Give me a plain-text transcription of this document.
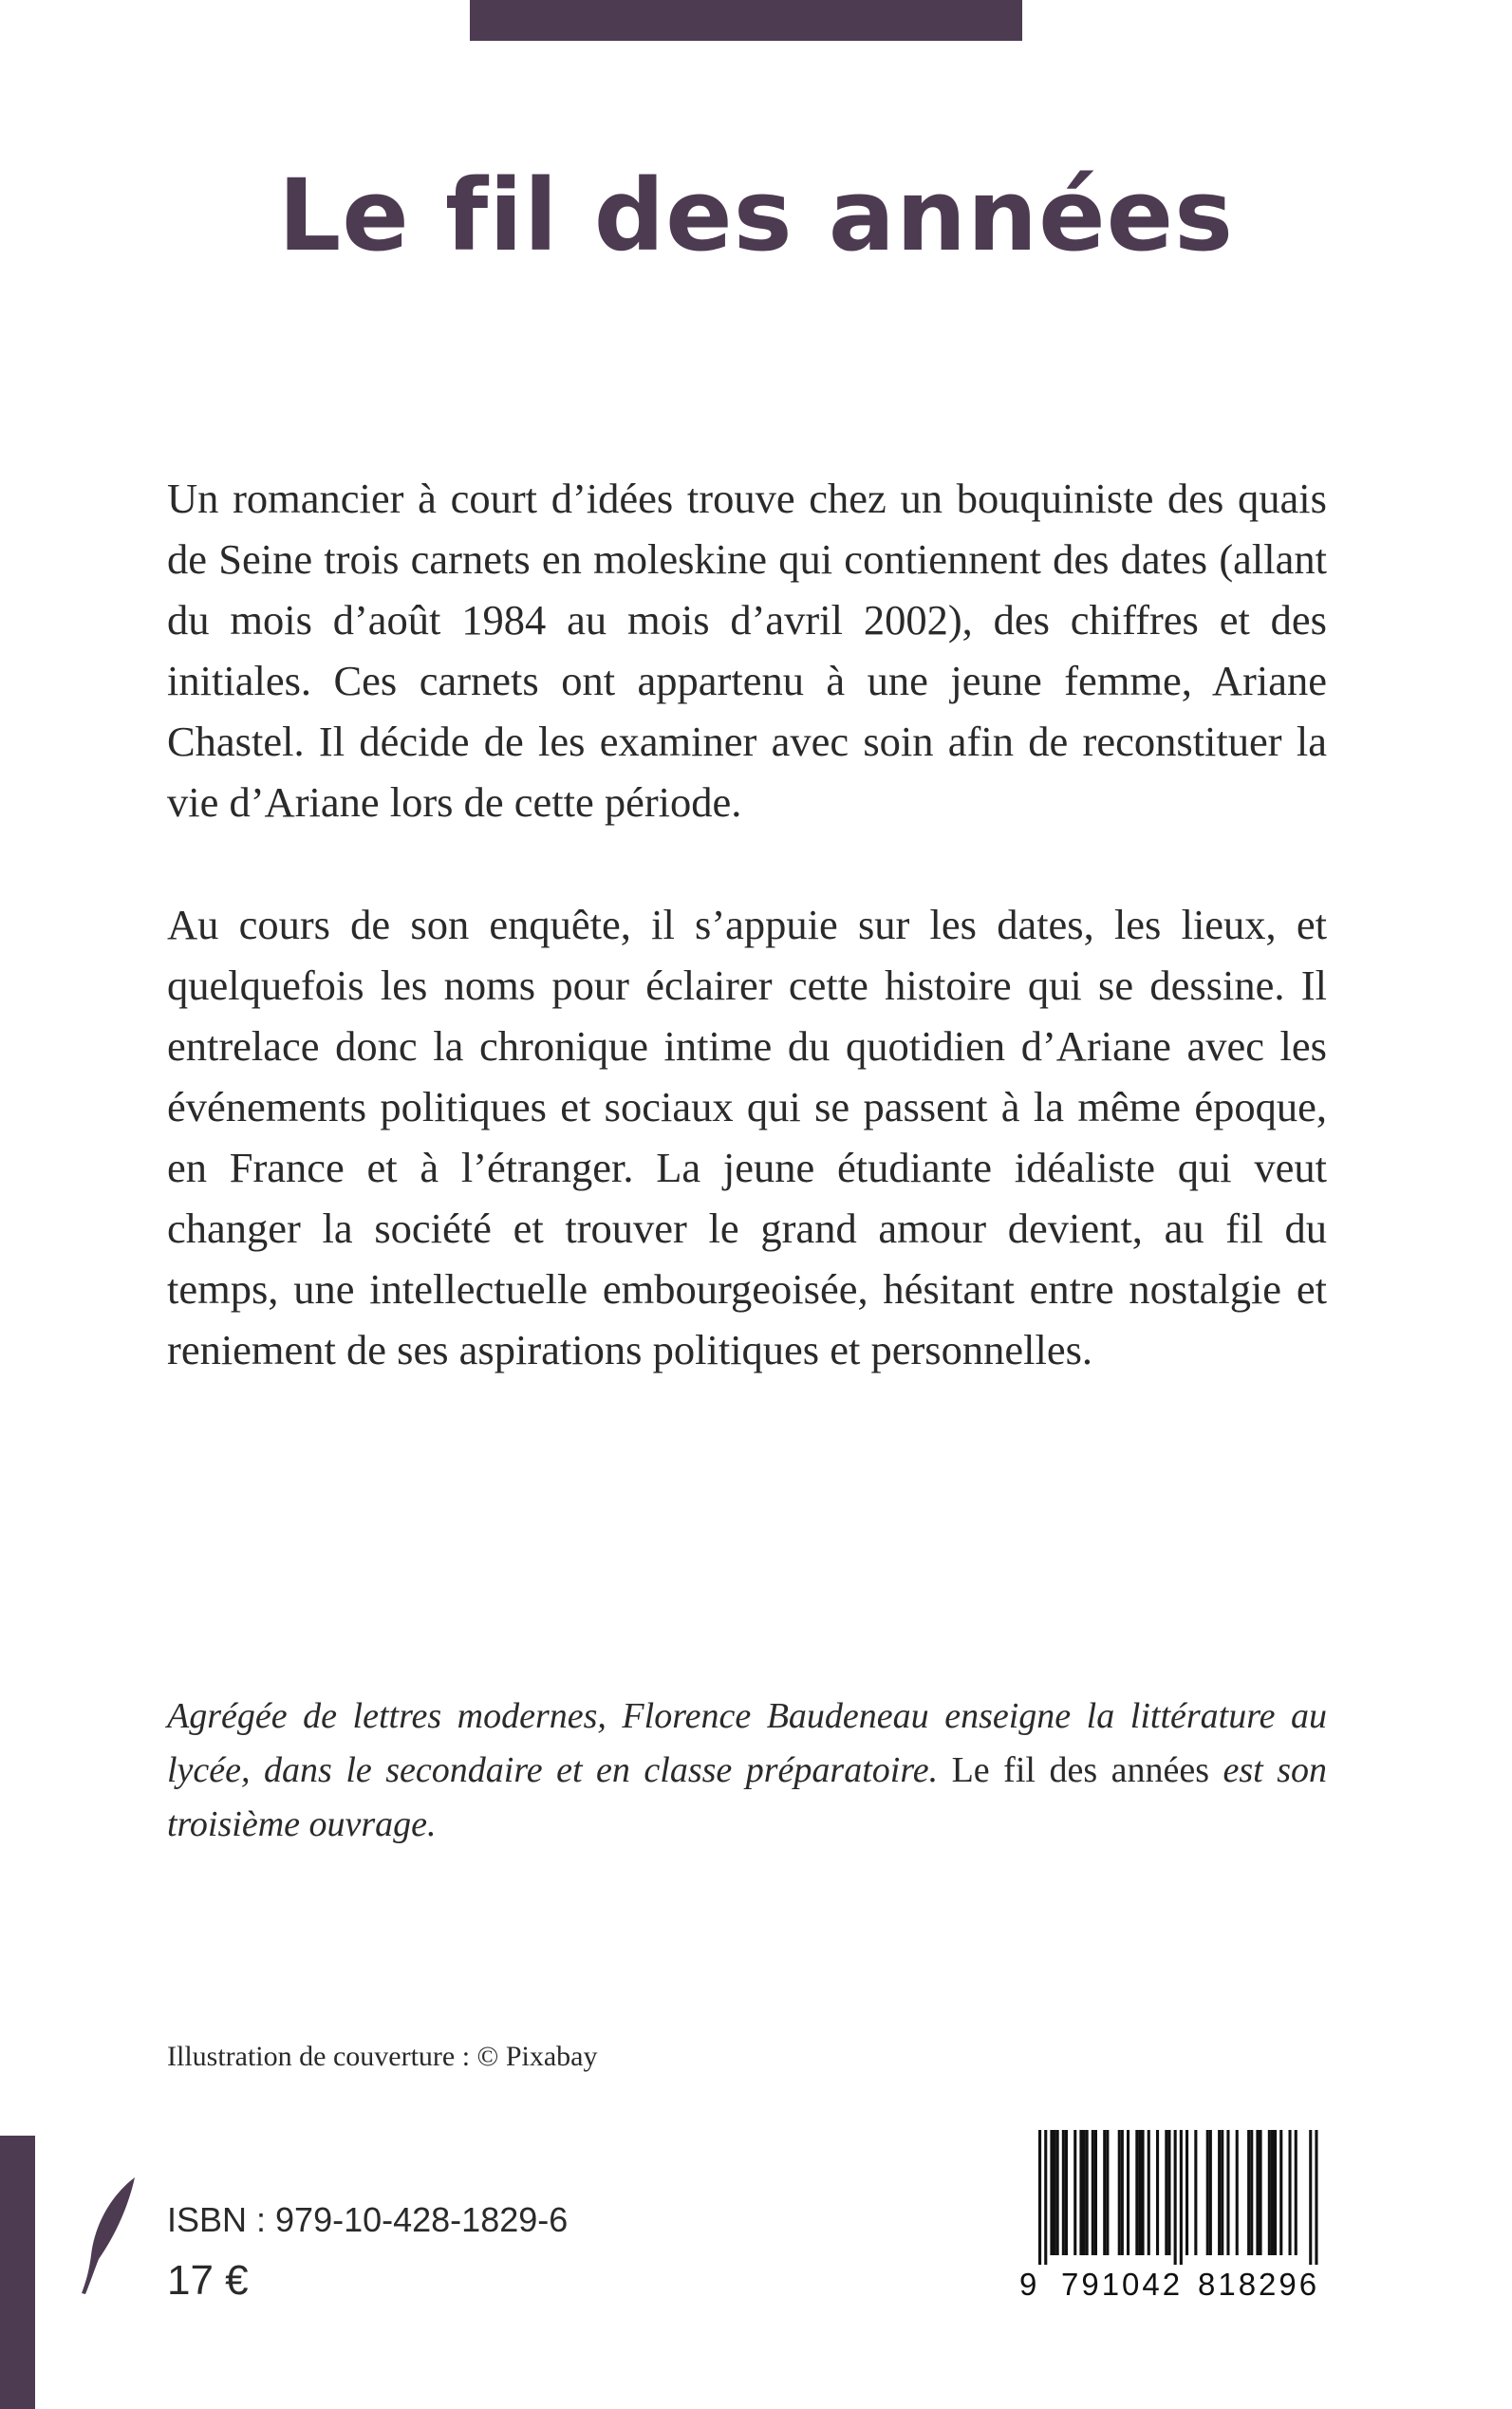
Le fil des années

Un romancier à court d’idées trouve chez un bouquiniste des quais de Seine trois carnets en moleskine qui contiennent des dates (allant du mois d’août 1984 au mois d’avril 2002), des chiffres et des initiales. Ces carnets ont appartenu à une jeune femme, Ariane Chastel. Il décide de les examiner avec soin afin de reconstituer la vie d’Ariane lors de cette période.

Au cours de son enquête, il s’appuie sur les dates, les lieux, et quelquefois les noms pour éclairer cette histoire qui se dessine. Il entrelace donc la chronique intime du quotidien d’Ariane avec les événements politiques et sociaux qui se passent à la même époque, en France et à l’étranger. La jeune étudiante idéaliste qui veut changer la société et trouver le grand amour devient, au fil du temps, une intellectuelle embourgeoisée, hésitant entre nostalgie et reniement de ses aspirations politiques et personnelles.

Agrégée de lettres modernes, Florence Baudeneau enseigne la littérature au lycée, dans le secondaire et en classe préparatoire. Le fil des années est son troisième ouvrage.

Illustration de couverture : © Pixabay

ISBN : 979-10-428-1829-6

17 €	9 791042 818296
